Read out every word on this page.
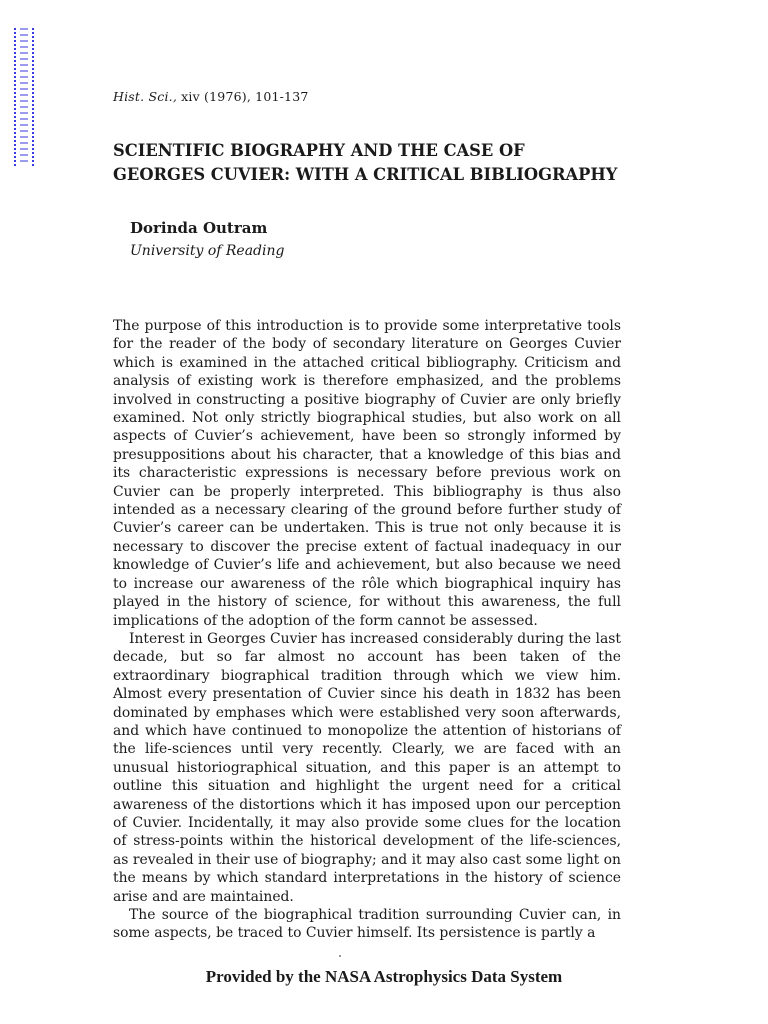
Hist. Sci., xiv (1976), 101-137
SCIENTIFIC BIOGRAPHY AND THE CASE OF
GEORGES CUVIER: WITH A CRITICAL BIBLIOGRAPHY
Dorinda Outram
University of Reading

The purpose of this introduction is to provide some interpretative tools for the reader of the body of secondary literature on Georges Cuvier which is examined in the attached critical bibliography. Criticism and analysis of existing work is therefore emphasized, and the problems involved in constructing a positive biography of Cuvier are only briefly examined. Not only strictly biographical studies, but also work on all aspects of Cuvier’s achievement, have been so strongly informed by presuppositions about his character, that a knowledge of this bias and its characteristic expressions is necessary before previous work on Cuvier can be properly interpreted. This bibliography is thus also intended as a necessary clearing of the ground before further study of Cuvier’s career can be undertaken. This is true not only because it is necessary to discover the precise extent of factual inadequacy in our knowledge of Cuvier’s life and achievement, but also because we need to increase our awareness of the rôle which biographical inquiry has played in the history of science, for without this awareness, the full implications of the adoption of the form cannot be assessed.

Interest in Georges Cuvier has increased considerably during the last decade, but so far almost no account has been taken of the extraordinary biographical tradition through which we view him. Almost every presentation of Cuvier since his death in 1832 has been dominated by emphases which were established very soon afterwards, and which have continued to monopolize the attention of historians of the life-sciences until very recently. Clearly, we are faced with an unusual historiographical situation, and this paper is an attempt to outline this situation and highlight the urgent need for a critical awareness of the distortions which it has imposed upon our perception of Cuvier. Incidentally, it may also provide some clues for the location of stress-points within the historical development of the life-sciences, as revealed in their use of biography; and it may also cast some light on the means by which standard interpretations in the history of science arise and are maintained.

The source of the biographical tradition surrounding Cuvier can, in some aspects, be traced to Cuvier himself. Its persistence is partly a

Provided by the NASA Astrophysics Data System
